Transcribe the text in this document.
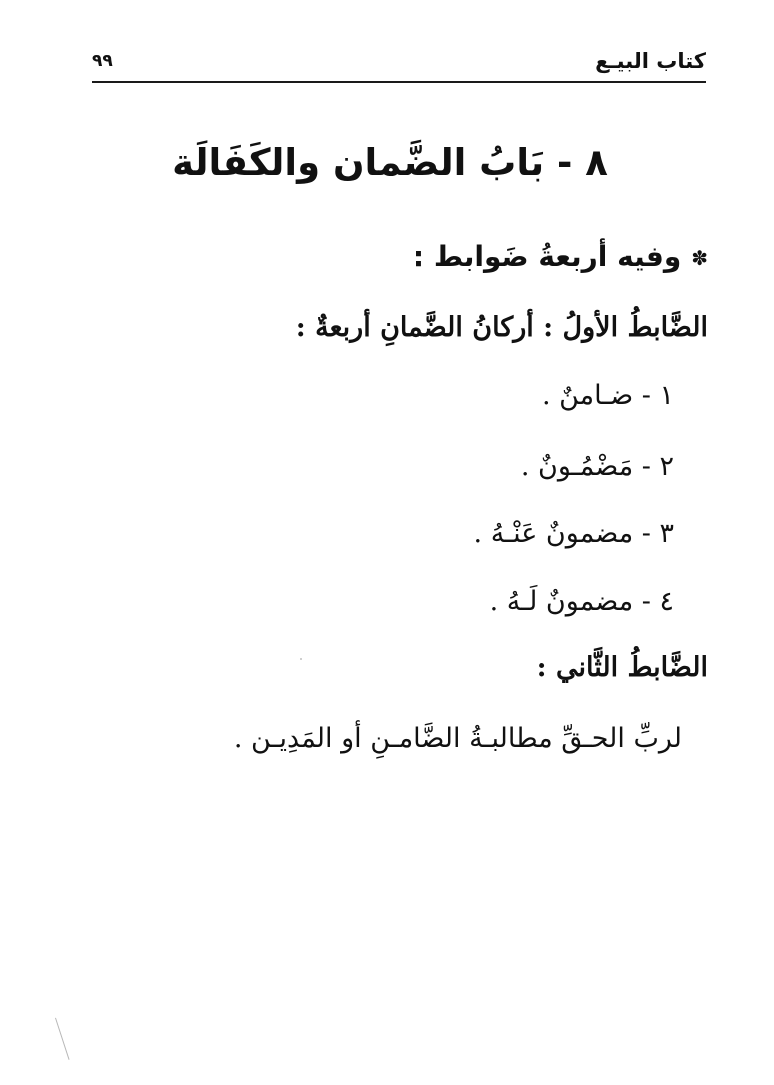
كتاب البيـع
٩٩
٨ - بَابُ الضَّمان والكَفَالَة
✽وفيه أربعةُ ضَوابط :
الضَّابطُ الأولُ : أركانُ الضَّمانِ أربعةٌ :
١ - ضـامنٌ .
٢ - مَضْمُـونٌ .
٣ - مضمونٌ عَنْـهُ .
٤ - مضمونٌ لَـهُ .
الضَّابطُ الثَّاني :
لربِّ الحـقِّ مطالبـةُ الضَّامـنِ أو المَدِيـن .
